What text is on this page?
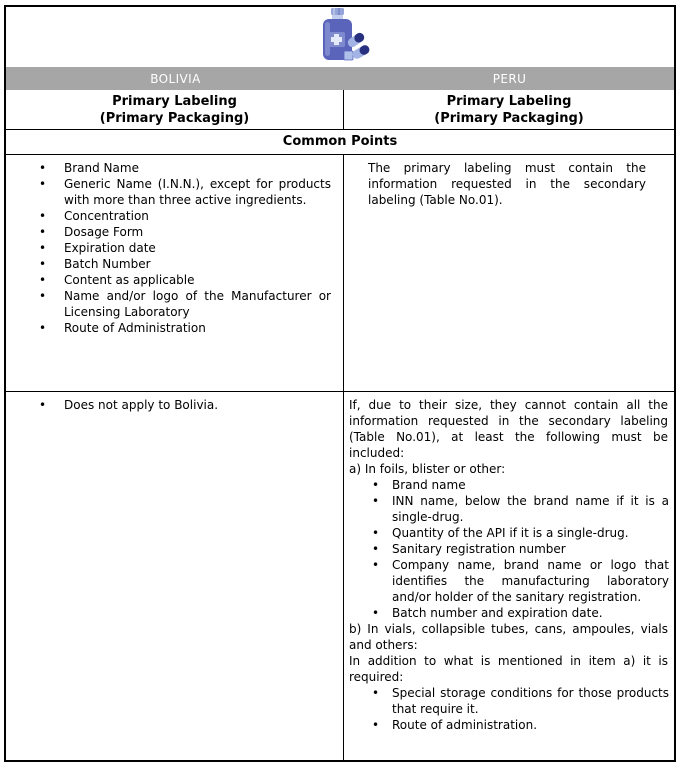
BOLIVIA	PERU
Primary Labeling
(Primary Packaging)
Primary Labeling
(Primary Packaging)
Common Points
• Brand Name
• Generic Name (I.N.N.), except for products with more than three active ingredients.
• Concentration
• Dosage Form
• Expiration date
• Batch Number
• Content as applicable
• Name and/or logo of the Manufacturer or Licensing Laboratory
• Route of Administration
The primary labeling must contain the information requested in the secondary labeling (Table No.01).
• Does not apply to Bolivia.	If, due to their size, they cannot contain all the information requested in the secondary labeling (Table No.01), at least the following must be included:
a) In foils, blister or other:
• Brand name
• INN name, below the brand name if it is a single-drug.
• Quantity of the API if it is a single-drug.
• Sanitary registration number
• Company name, brand name or logo that identifies the manufacturing laboratory and/or holder of the sanitary registration.
• Batch number and expiration date.
b) In vials, collapsible tubes, cans, ampoules, vials and others:
In addition to what is mentioned in item a) it is required:
• Special storage conditions for those products that require it.
• Route of administration.
